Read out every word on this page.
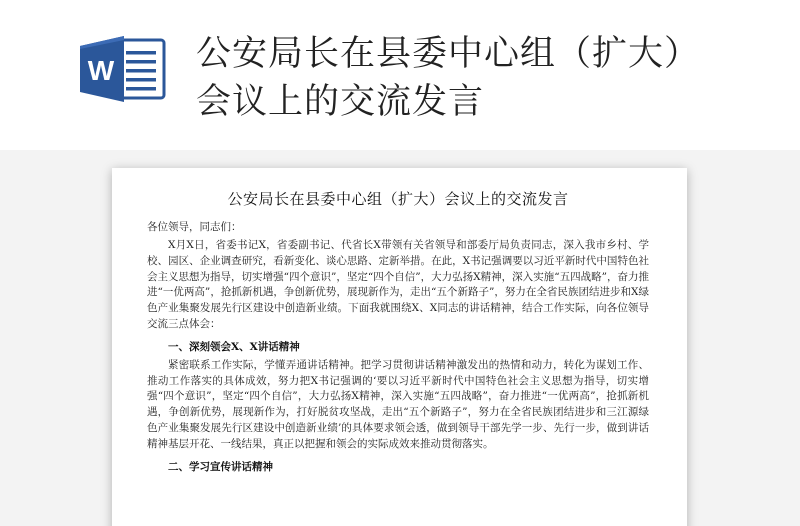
W 公安局长在县委中心组（扩大）
会议上的交流发言
公安局长在县委中心组（扩大）会议上的交流发言
各位领导，同志们：
X月X日，省委书记X，省委副书记、代省长X带领有关省领导和部委厅局负责同志，深入我市乡村、学校、园区、企业调查研究，看新变化、谈心思路、定新举措。在此，X书记强调要以习近平新时代中国特色社会主义思想为指导，切实增强“四个意识”，坚定“四个自信”，大力弘扬X精神，深入实施“五四战略”，奋力推进“一优两高”，抢抓新机遇，争创新优势，展现新作为，走出“五个新路子”，努力在全省民族团结进步和X绿色产业集聚发展先行区建设中创造新业绩。下面我就围绕X、X同志的讲话精神，结合工作实际，向各位领导交流三点体会：
一、深刻领会X、X讲话精神
紧密联系工作实际，学懂弄通讲话精神。把学习贯彻讲话精神激发出的热情和动力，转化为谋划工作、推动工作落实的具体成效，努力把X书记强调的‘要以习近平新时代中国特色社会主义思想为指导，切实增强“四个意识”，坚定“四个自信”，大力弘扬X精神，深入实施“五四战略”，奋力推进“一优两高”，抢抓新机遇，争创新优势，展现新作为，打好脱贫攻坚战，走出“五个新路子”，努力在全省民族团结进步和三江源绿色产业集聚发展先行区建设中创造新业绩’的具体要求领会透，做到领导干部先学一步、先行一步，做到讲话精神基层开花、一线结果，真正以把握和领会的实际成效来推动贯彻落实。
二、学习宣传讲话精神
